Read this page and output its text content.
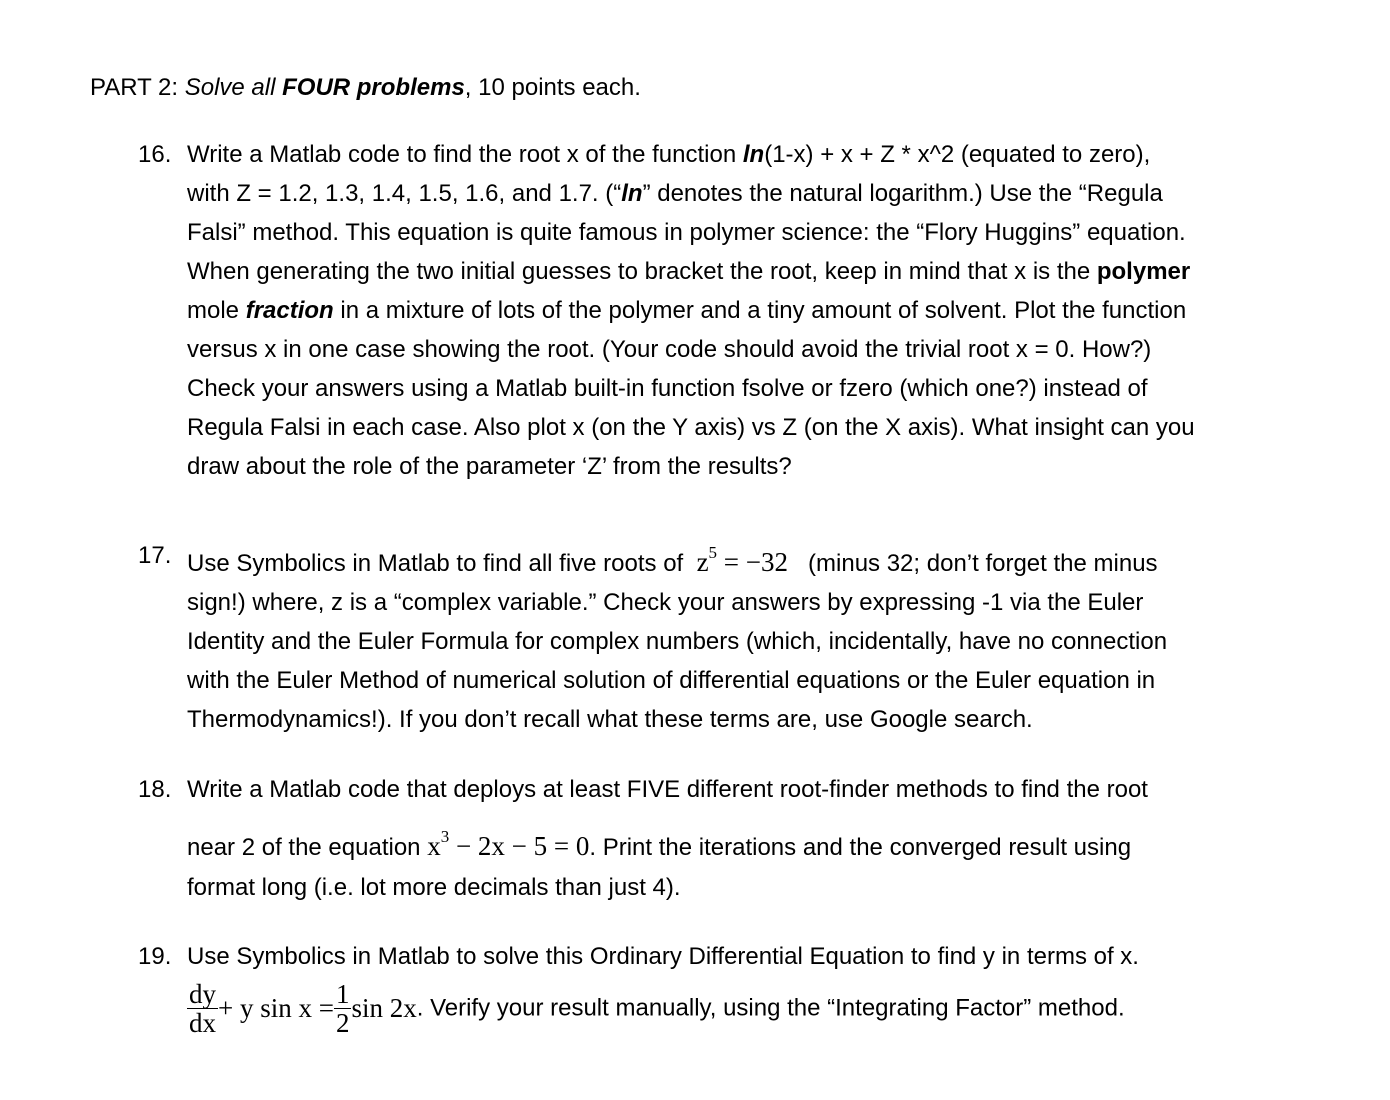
PART 2: Solve all FOUR problems, 10 points each.
16. Write a Matlab code to find the root x of the function ln(1-x) + x + Z * x^2 (equated to zero),
with Z = 1.2, 1.3, 1.4, 1.5, 1.6, and 1.7. (“ln” denotes the natural logarithm.) Use the “Regula
Falsi” method. This equation is quite famous in polymer science: the “Flory Huggins” equation.
When generating the two initial guesses to bracket the root, keep in mind that x is the polymer
mole fraction in a mixture of lots of the polymer and a tiny amount of solvent. Plot the function
versus x in one case showing the root. (Your code should avoid the trivial root x = 0. How?)
Check your answers using a Matlab built-in function fsolve or fzero (which one?) instead of
Regula Falsi in each case. Also plot x (on the Y axis) vs Z (on the X axis). What insight can you
draw about the role of the parameter ‘Z’ from the results?
17. Use Symbolics in Matlab to find all five roots of $z^5 = -32$ (minus 32; don’t forget the minus
sign!) where, z is a “complex variable.” Check your answers by expressing -1 via the Euler
Identity and the Euler Formula for complex numbers (which, incidentally, have no connection
with the Euler Method of numerical solution of differential equations or the Euler equation in
Thermodynamics!). If you don’t recall what these terms are, use Google search.
18. Write a Matlab code that deploys at least FIVE different root-finder methods to find the root
near 2 of the equation $x^3 - 2x - 5 = 0$. Print the iterations and the converged result using
format long (i.e. lot more decimals than just 4).
19. Use Symbolics in Matlab to solve this Ordinary Differential Equation to find y in terms of x.
$\frac{dy}{dx} + y$ $\sin x = \frac{1}{2}$ sin 2x. Verify your result manually, using the “Integrating Factor” method.
